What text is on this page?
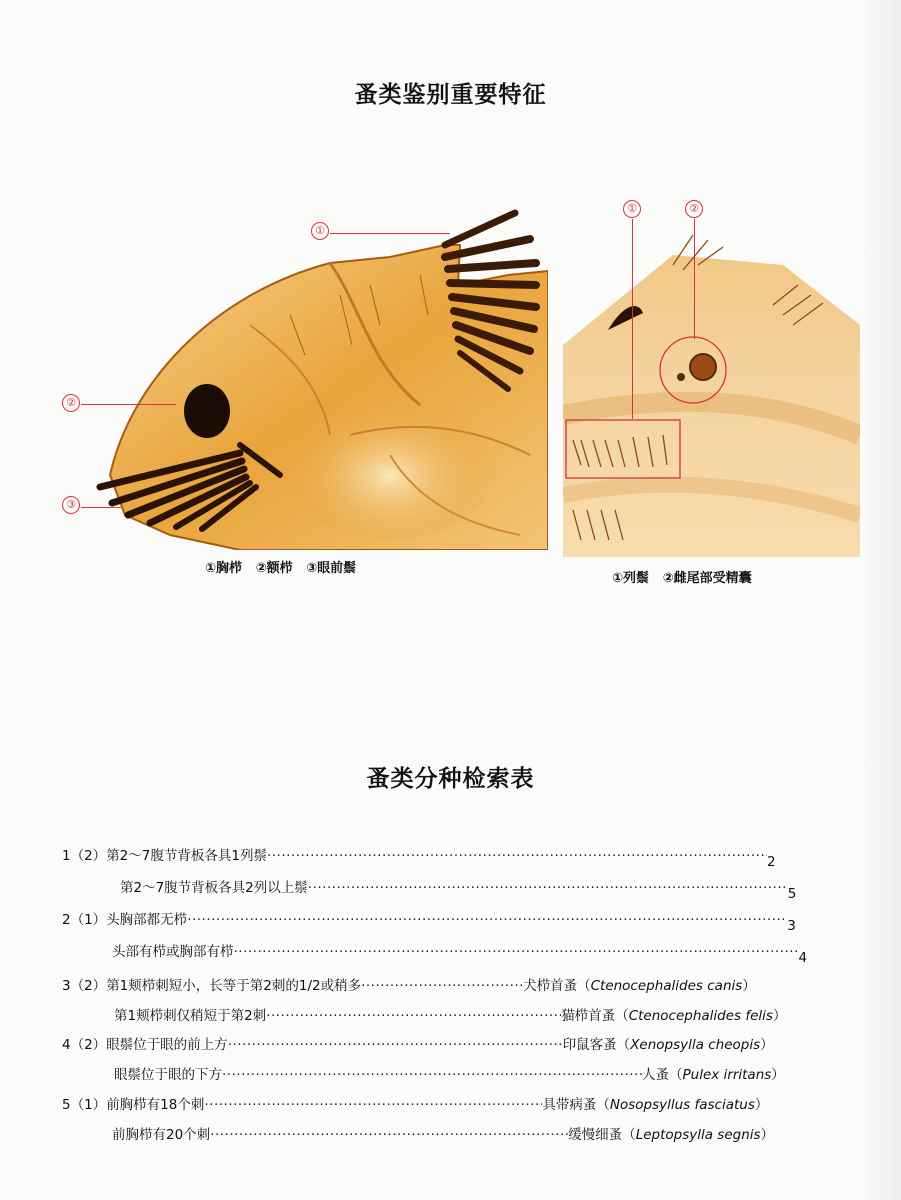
蚤类鉴别重要特征
①
②
③
①胸栉   ②额栉   ③眼前鬃
①	②
①列鬃   ②雌尾部受精囊
蚤类分种检索表
1（2）第2～7腹节背板各具1列鬃 ·····	2
第2～7腹节背板各具2列以上鬃 ·····	5
2（1）头胸部都无栉 ·····	3
头部有栉或胸部有栉 ·····	4
3（2）第1颊栉刺短小，长等于第2刺的1/2或稍多 ·····	犬栉首蚤（Ctenocephalides canis）
第1颊栉刺仅稍短于第2刺 ·····	猫栉首蚤（Ctenocephalides felis）
4（2）眼鬃位于眼的前上方 ·····	印鼠客蚤（Xenopsylla cheopis）
眼鬃位于眼的下方 ·····	人蚤（Pulex irritans）
5（1）前胸栉有18个刺 ·····	具带病蚤（Nosopsyllus fasciatus）
前胸栉有20个刺 ·····	缓慢细蚤（Leptopsylla segnis）
